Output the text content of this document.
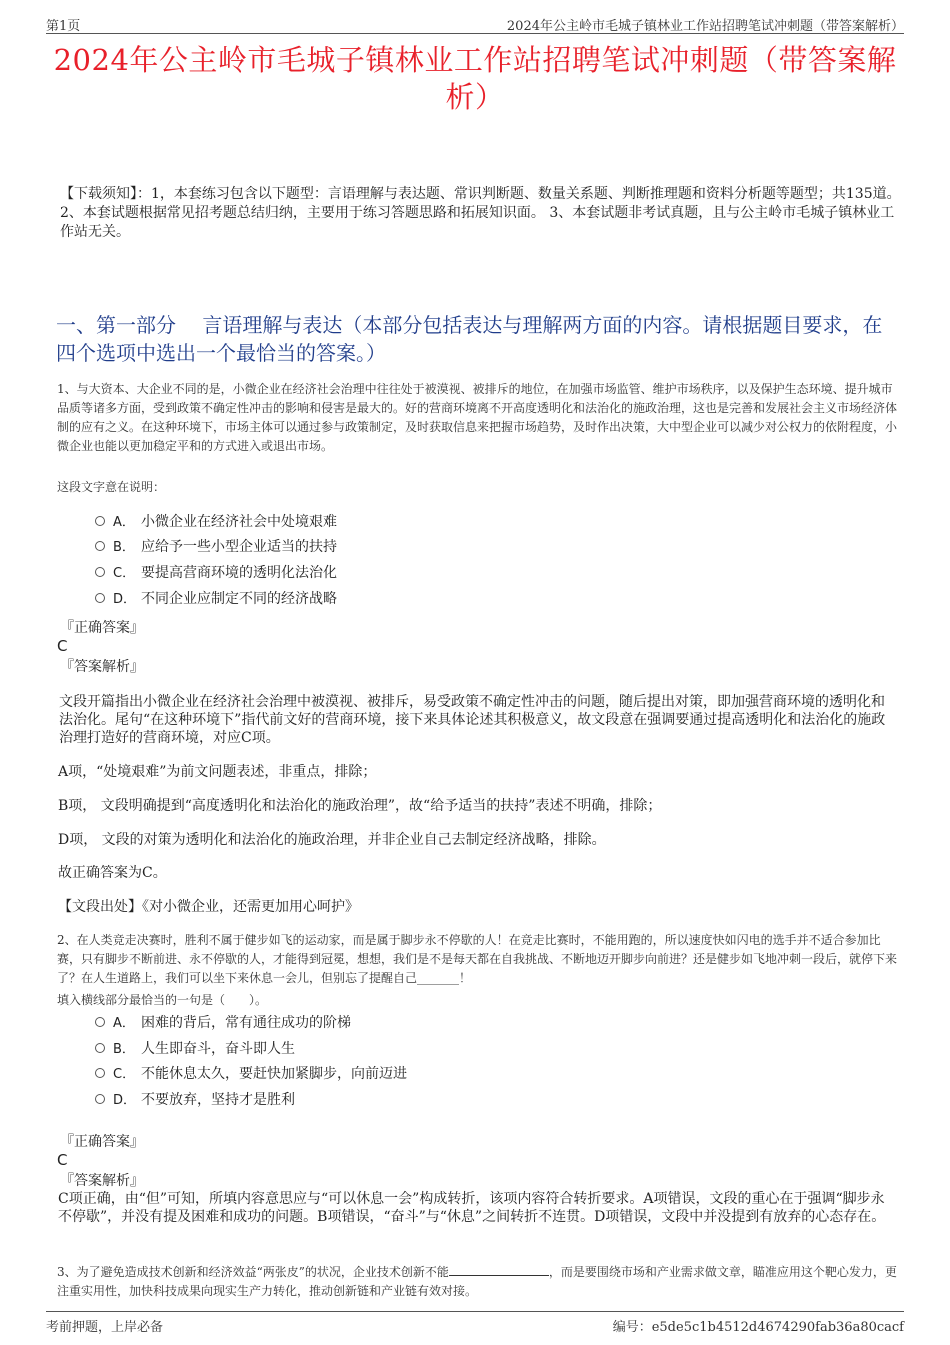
第1页	2024年公主岭市毛城子镇林业工作站招聘笔试冲刺题（带答案解析）
2024年公主岭市毛城子镇林业工作站招聘笔试冲刺题（带答案解析）
【下载须知】：1，本套练习包含以下题型：言语理解与表达题、常识判断题、数量关系题、判断推理题和资料分析题等题型；共135道。 2、本套试题根据常见招考题总结归纳，主要用于练习答题思路和拓展知识面。 3、本套试题非考试真题，且与公主岭市毛城子镇林业工作站无关。
一、第一部分　 言语理解与表达（本部分包括表达与理解两方面的内容。请根据题目要求，在四个选项中选出一个最恰当的答案。）
1、与大资本、大企业不同的是，小微企业在经济社会治理中往往处于被漠视、被排斥的地位，在加强市场监管、维护市场秩序，以及保护生态环境、提升城市品质等诸多方面，受到政策不确定性冲击的影响和侵害是最大的。好的营商环境离不开高度透明化和法治化的施政治理，这也是完善和发展社会主义市场经济体制的应有之义。在这种环境下，市场主体可以通过参与政策制定，及时获取信息来把握市场趋势，及时作出决策，大中型企业可以减少对公权力的依附程度，小微企业也能以更加稳定平和的方式进入或退出市场。
这段文字意在说明：
A． 小微企业在经济社会中处境艰难
B． 应给予一些小型企业适当的扶持
C． 要提高营商环境的透明化法治化
D． 不同企业应制定不同的经济战略
『正确答案』
C
『答案解析』
文段开篇指出小微企业在经济社会治理中被漠视、被排斥，易受政策不确定性冲击的问题，随后提出对策，即加强营商环境的透明化和法治化。尾句“在这种环境下”指代前文好的营商环境，接下来具体论述其积极意义，故文段意在强调要通过提高透明化和法治化的施政治理打造好的营商环境，对应C项。
A项，“处境艰难”为前文问题表述，非重点，排除；
B项， 文段明确提到“高度透明化和法治化的施政治理”，故“给予适当的扶持”表述不明确，排除；
D项， 文段的对策为透明化和法治化的施政治理，并非企业自己去制定经济战略，排除。
故正确答案为C。
【文段出处】《对小微企业，还需更加用心呵护》
2、在人类竞走决赛时，胜利不属于健步如飞的运动家，而是属于脚步永不停歇的人！在竞走比赛时，不能用跑的，所以速度快如闪电的选手并不适合参加比赛，只有脚步不断前进、永不停歇的人，才能得到冠冕，想想，我们是不是每天都在自我挑战、不断地迈开脚步向前进？还是健步如飞地冲刺一段后，就停下来了？在人生道路上，我们可以坐下来休息一会儿，但别忘了提醒自己_______！
填入横线部分最恰当的一句是（　　）。
A． 困难的背后，常有通往成功的阶梯
B． 人生即奋斗，奋斗即人生
C． 不能休息太久，要赶快加紧脚步，向前迈进
D． 不要放弃，坚持才是胜利
『正确答案』
C
『答案解析』
C项正确，由“但”可知，所填内容意思应与“可以休息一会”构成转折，该项内容符合转折要求。A项错误，文段的重心在于强调“脚步永不停歇”，并没有提及困难和成功的问题。B项错误，“奋斗”与“休息”之间转折不连贯。D项错误，文段中并没提到有放弃的心态存在。
3、为了避免造成技术创新和经济效益“两张皮”的状况，企业技术创新不能	，而是要围绕市场和产业需求做文章，瞄准应用这个靶心发力，更注重实用性，加快科技成果向现实生产力转化，推动创新链和产业链有效对接。
考前押题，上岸必备	编号：e5de5c1b4512d4674290fab36a80cacf
